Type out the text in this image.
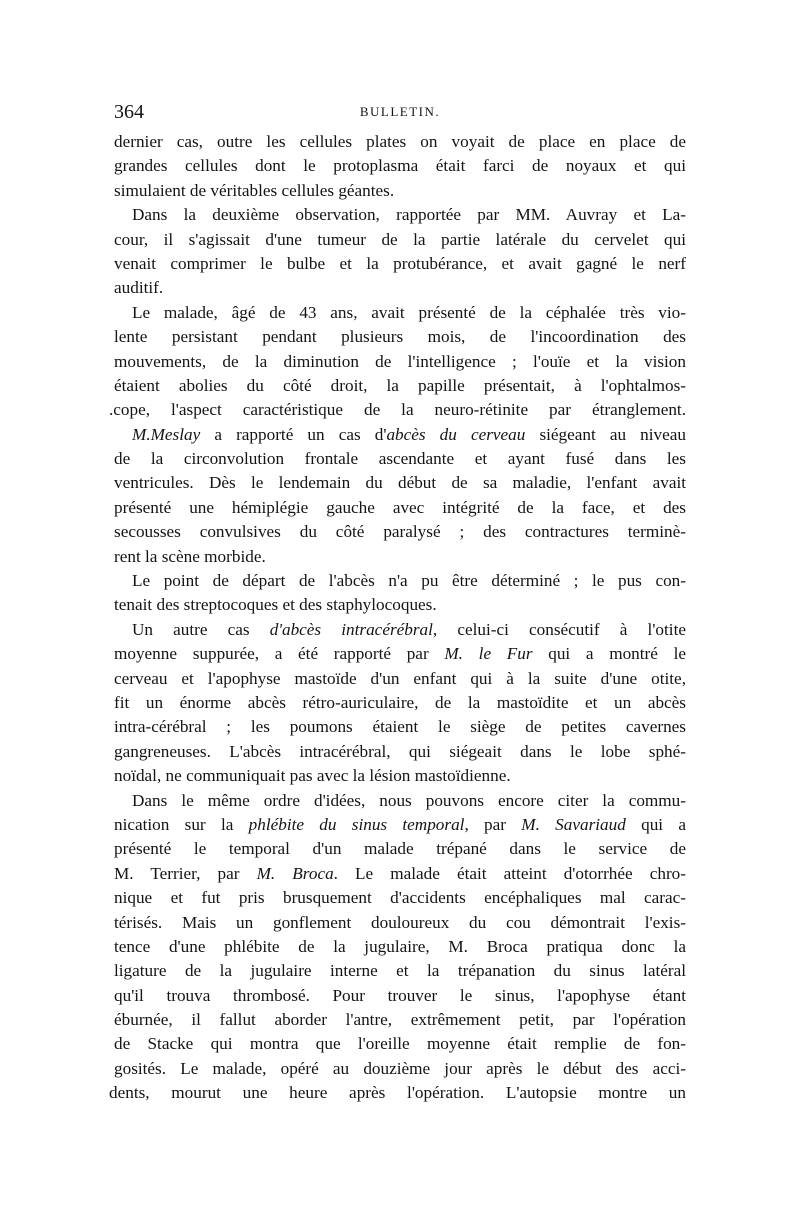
364	BULLETIN.
dernier cas, outre les cellules plates on voyait de place en place de
grandes cellules dont le protoplasma était farci de noyaux et qui
simulaient de véritables cellules géantes.
Dans la deuxième observation, rapportée par MM. Auvray et La-
cour, il s'agissait d'une tumeur de la partie latérale du cervelet qui
venait comprimer le bulbe et la protubérance, et avait gagné le nerf
auditif.
Le malade, âgé de 43 ans, avait présenté de la céphalée très vio-
lente persistant pendant plusieurs mois, de l'incoordination des
mouvements, de la diminution de l'intelligence ; l'ouïe et la vision
étaient abolies du côté droit, la papille présentait, à l'ophtalmos-
.cope, l'aspect caractéristique de la neuro-rétinite par étranglement.
M.Meslay a rapporté un cas d'abcès du cerveau siégeant au niveau
de la circonvolution frontale ascendante et ayant fusé dans les
ventricules. Dès le lendemain du début de sa maladie, l'enfant avait
présenté une hémiplégie gauche avec intégrité de la face, et des
secousses convulsives du côté paralysé ; des contractures terminè-
rent la scène morbide.
Le point de départ de l'abcès n'a pu être déterminé ; le pus con-
tenait des streptocoques et des staphylocoques.
Un autre cas d'abcès intracérébral, celui-ci consécutif à l'otite
moyenne suppurée, a été rapporté par M. le Fur qui a montré le
cerveau et l'apophyse mastoïde d'un enfant qui à la suite d'une otite,
fit un énorme abcès rétro-auriculaire, de la mastoïdite et un abcès
intra-cérébral ; les poumons étaient le siège de petites cavernes
gangreneuses. L'abcès intracérébral, qui siégeait dans le lobe sphé-
noïdal, ne communiquait pas avec la lésion mastoïdienne.
Dans le même ordre d'idées, nous pouvons encore citer la commu-
nication sur la phlébite du sinus temporal, par M. Savariaud qui a
présenté le temporal d'un malade trépané dans le service de
M. Terrier, par M. Broca. Le malade était atteint d'otorrhée chro-
nique et fut pris brusquement d'accidents encéphaliques mal carac-
térisés. Mais un gonflement douloureux du cou démontrait l'exis-
tence d'une phlébite de la jugulaire, M. Broca pratiqua donc la
ligature de la jugulaire interne et la trépanation du sinus latéral
qu'il trouva thrombosé. Pour trouver le sinus, l'apophyse étant
éburnée, il fallut aborder l'antre, extrêmement petit, par l'opération
de Stacke qui montra que l'oreille moyenne était remplie de fon-
gosités. Le malade, opéré au douzième jour après le début des acci-
dents, mourut une heure après l'opération. L'autopsie montre un
